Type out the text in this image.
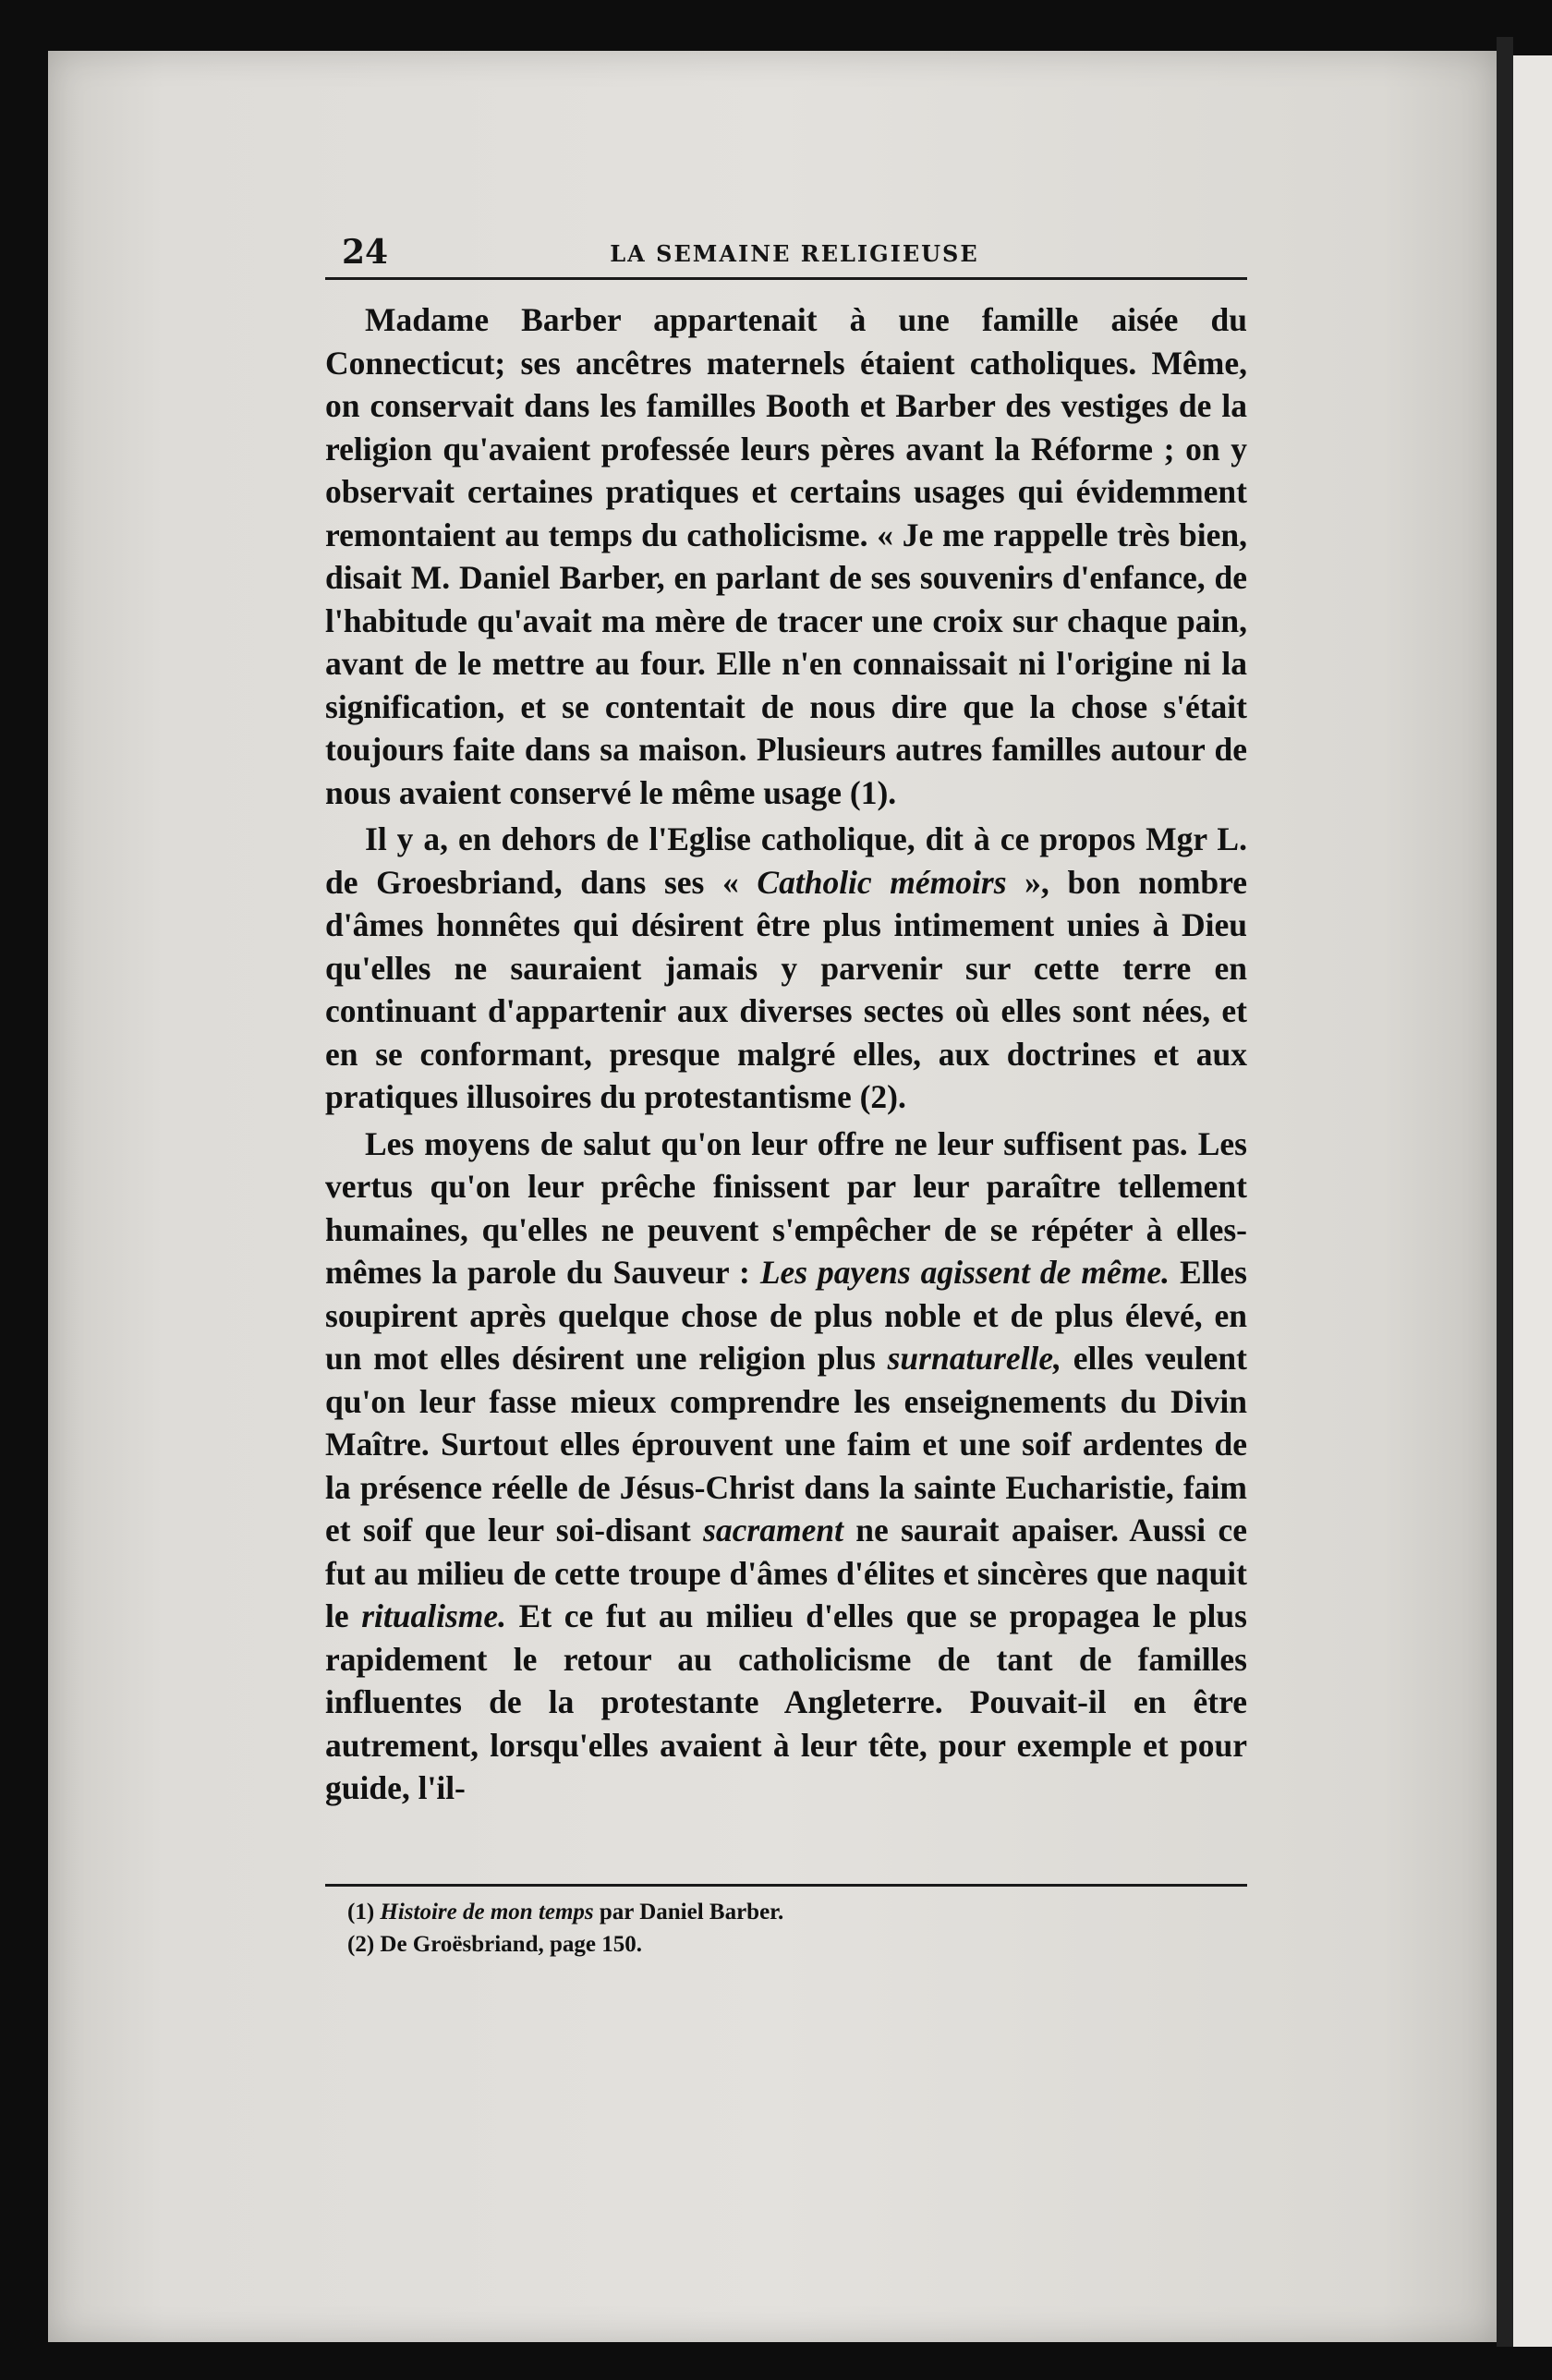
24	LA SEMAINE RELIGIEUSE

Madame Barber appartenait à une famille aisée du Connecticut; ses ancêtres maternels étaient catholiques. Même, on conservait dans les familles Booth et Barber des vestiges de la religion qu'avaient professée leurs pères avant la Réforme ; on y observait certaines pratiques et certains usages qui évidemment remontaient au temps du catholicisme. « Je me rappelle très bien, disait M. Daniel Barber, en parlant de ses souvenirs d'enfance, de l'habitude qu'avait ma mère de tracer une croix sur chaque pain, avant de le mettre au four. Elle n'en connaissait ni l'origine ni la signification, et se contentait de nous dire que la chose s'était toujours faite dans sa maison. Plusieurs autres familles autour de nous avaient conservé le même usage (1).

Il y a, en dehors de l'Eglise catholique, dit à ce propos Mgr L. de Groesbriand, dans ses « Catholic mémoirs », bon nombre d'âmes honnêtes qui désirent être plus intimement unies à Dieu qu'elles ne sauraient jamais y parvenir sur cette terre en continuant d'appartenir aux diverses sectes où elles sont nées, et en se conformant, presque malgré elles, aux doctrines et aux pratiques illusoires du protestantisme (2).

Les moyens de salut qu'on leur offre ne leur suffisent pas. Les vertus qu'on leur prêche finissent par leur paraître tellement humaines, qu'elles ne peuvent s'empêcher de se répéter à elles-mêmes la parole du Sauveur : Les payens agissent de même. Elles soupirent après quelque chose de plus noble et de plus élevé, en un mot elles désirent une religion plus surnaturelle, elles veulent qu'on leur fasse mieux comprendre les enseignements du Divin Maître. Surtout elles éprouvent une faim et une soif ardentes de la présence réelle de Jésus-Christ dans la sainte Eucharistie, faim et soif que leur soi-disant sacrament ne saurait apaiser. Aussi ce fut au milieu de cette troupe d'âmes d'élites et sincères que naquit le ritualisme. Et ce fut au milieu d'elles que se propagea le plus rapidement le retour au catholicisme de tant de familles influentes de la protestante Angleterre. Pouvait-il en être autrement, lorsqu'elles avaient à leur tête, pour exemple et pour guide, l'il-

(1) Histoire de mon temps par Daniel Barber.
(2) De Groësbriand, page 150.
